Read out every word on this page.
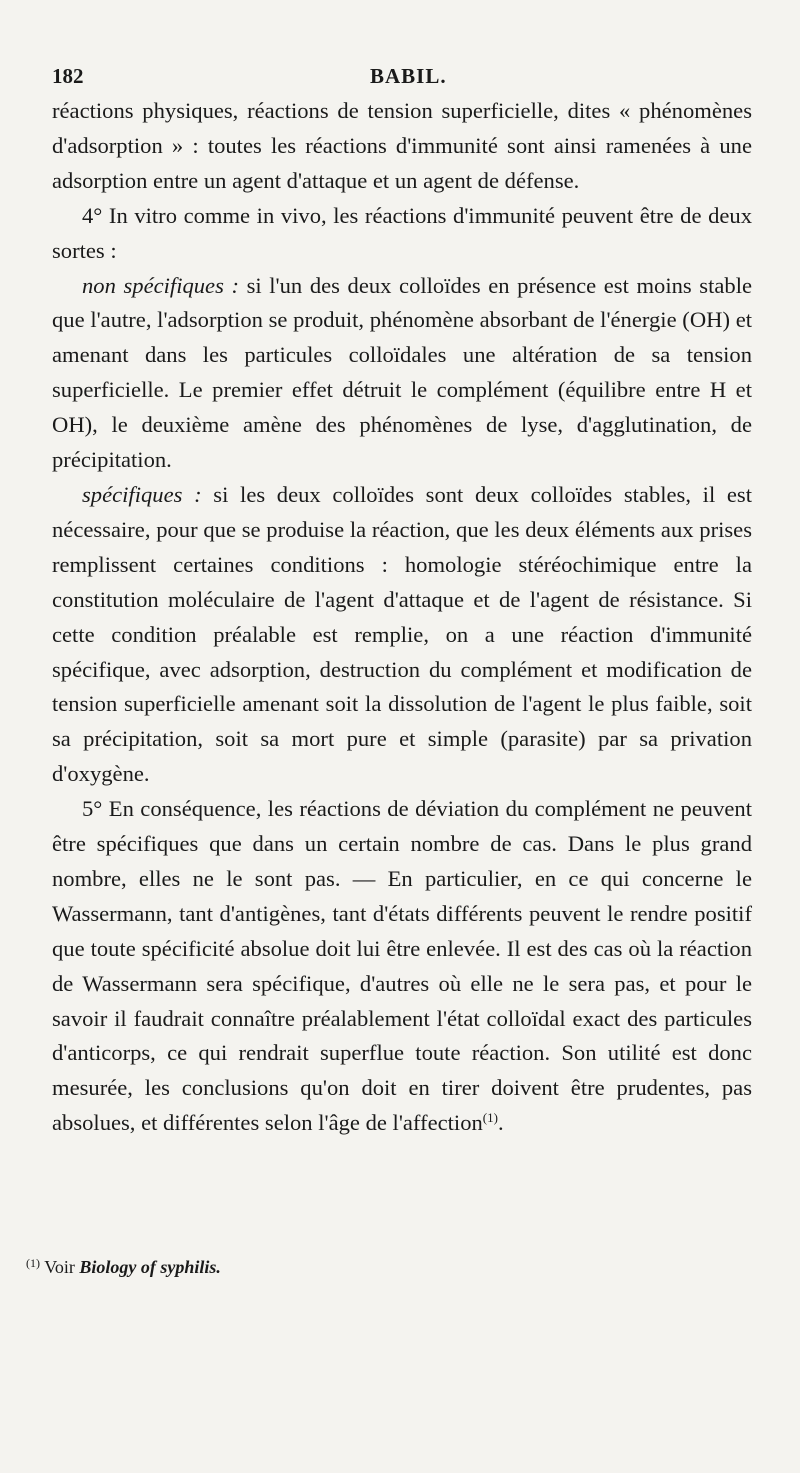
182	BABIL.

réactions physiques, réactions de tension superficielle, dites « phénomènes d'adsorption » : toutes les réactions d'immunité sont ainsi ramenées à une adsorption entre un agent d'attaque et un agent de défense.

4° In vitro comme in vivo, les réactions d'immunité peuvent être de deux sortes :

non spécifiques : si l'un des deux colloïdes en présence est moins stable que l'autre, l'adsorption se produit, phénomène absorbant de l'énergie (OH) et amenant dans les particules colloïdales une altération de sa tension superficielle. Le premier effet détruit le complément (équilibre entre H et OH), le deuxième amène des phénomènes de lyse, d'agglutination, de précipitation.

spécifiques : si les deux colloïdes sont deux colloïdes stables, il est nécessaire, pour que se produise la réaction, que les deux éléments aux prises remplissent certaines conditions : homologie stéréochimique entre la constitution moléculaire de l'agent d'attaque et de l'agent de résistance. Si cette condition préalable est remplie, on a une réaction d'immunité spécifique, avec adsorption, destruction du complément et modification de tension superficielle amenant soit la dissolution de l'agent le plus faible, soit sa précipitation, soit sa mort pure et simple (parasite) par sa privation d'oxygène.

5° En conséquence, les réactions de déviation du complément ne peuvent être spécifiques que dans un certain nombre de cas. Dans le plus grand nombre, elles ne le sont pas. — En particulier, en ce qui concerne le Wassermann, tant d'antigènes, tant d'états différents peuvent le rendre positif que toute spécificité absolue doit lui être enlevée. Il est des cas où la réaction de Wassermann sera spécifique, d'autres où elle ne le sera pas, et pour le savoir il faudrait connaître préalablement l'état colloïdal exact des particules d'anticorps, ce qui rendrait superflue toute réaction. Son utilité est donc mesurée, les conclusions qu'on doit en tirer doivent être prudentes, pas absolues, et différentes selon l'âge de l'affection$^{(1)}$.

$^{(1)}$ Voir Biology of syphilis.
